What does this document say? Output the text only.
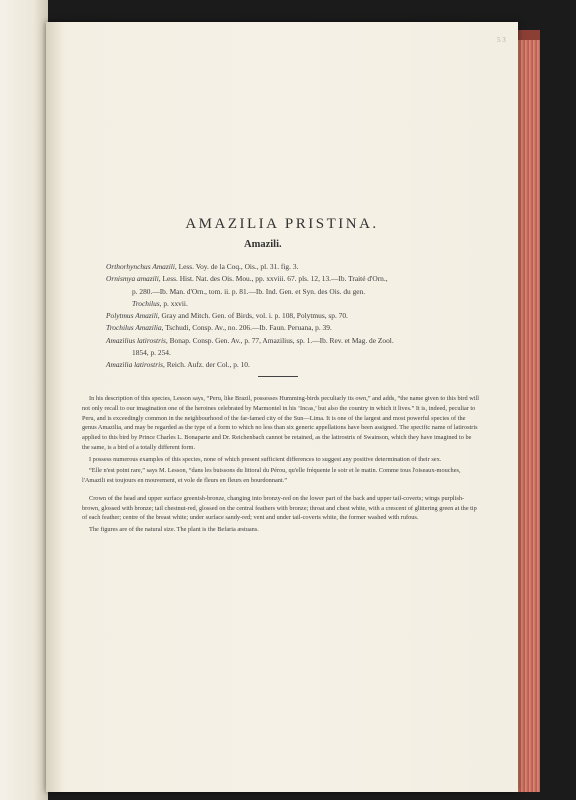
5 3
AMAZILIA PRISTINA.
Amazili.
Orthorhynchus Amazili, Less. Voy. de la Coq., Ois., pl. 31. fig. 3.
Ornismya amazili, Less. Hist. Nat. des Ois. Mou., pp. xxviii. 67. pls. 12, 13.—Ib. Traité d'Orn.,
p. 280.—Ib. Man. d'Orn., tom. ii. p. 81.—Ib. Ind. Gen. et Syn. des Ois. du gen.
Trochilus, p. xxvii.
Polytmus Amazili, Gray and Mitch. Gen. of Birds, vol. i. p. 108, Polytmus, sp. 70.
Trochilus Amazilia, Tschudi, Consp. Av., no. 206.—Ib. Faun. Peruana, p. 39.
Amazilius latirostris, Bonap. Consp. Gen. Av., p. 77, Amazilius, sp. 1.—Ib. Rev. et Mag. de Zool.
1854, p. 254.
Amazilia latirostris, Reich. Aufz. der Col., p. 10.

In his description of this species, Lesson says, “Peru, like Brazil, possesses Humming-birds peculiarly its own,” and adds, “the name given to this bird will not only recall to our imagination one of the heroines celebrated by Marmontel in his ‘Incas,’ but also the country in which it lives.” It is, indeed, peculiar to Peru, and is exceedingly common in the neighbourhood of the far-famed city of the Sun—Lima. It is one of the largest and most powerful species of the genus Amazilia, and may be regarded as the type of a form to which no less than six generic appellations have been assigned. The specific name of latirostris applied to this bird by Prince Charles L. Bonaparte and Dr. Reichenbach cannot be retained, as the latirostris of Swainson, which they have imagined to be the same, is a bird of a totally different form.

I possess numerous examples of this species, none of which present sufficient differences to suggest any positive determination of their sex.

“Elle n'est point rare,” says M. Lesson, “dans les buissons du littoral du Pérou, qu'elle fréquente le soir et le matin. Comme tous l'oiseaux-mouches, l'Amazili est toujours en mouvement, et vole de fleurs en fleurs en bourdonnant.”

Crown of the head and upper surface greenish-bronze, changing into bronzy-red on the lower part of the back and upper tail-coverts; wings purplish-brown, glossed with bronze; tail chestnut-red, glossed on the central feathers with bronze; throat and chest white, with a crescent of glittering green at the tip of each feather; centre of the breast white; under surface sandy-red; vent and under tail-coverts white, the former washed with rufous.

The figures are of the natural size. The plant is the Befaria æstuans.
